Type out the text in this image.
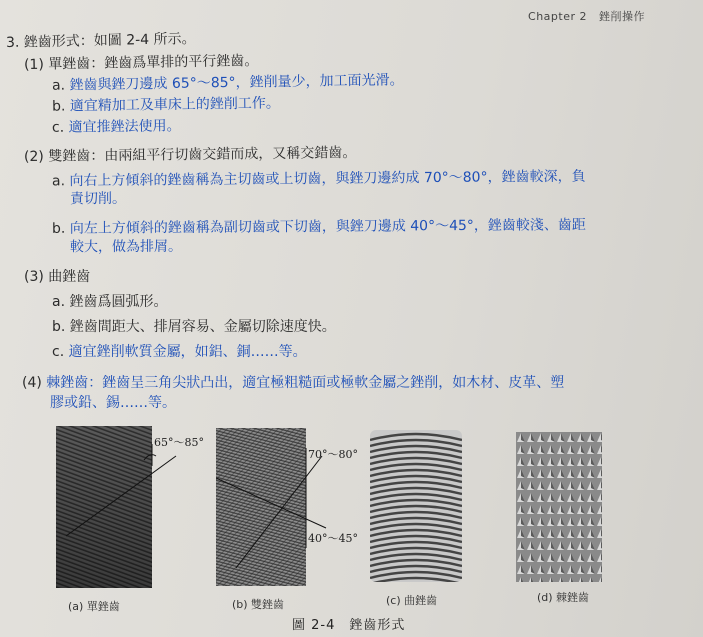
Chapter 2 銼削操作
3. 銼齒形式：如圖 2-4 所示。
(1) 單銼齒：銼齒爲單排的平行銼齒。
a. 銼齒與銼刀邊成 65°～85°，銼削量少，加工面光滑。
b. 適宜精加工及車床上的銼削工作。
c. 適宜推銼法使用。
(2) 雙銼齒：由兩組平行切齒交錯而成，又稱交錯齒。
a. 向右上方傾斜的銼齒稱為主切齒或上切齒，與銼刀邊約成 70°～80°，銼齒較深，負
責切削。
b. 向左上方傾斜的銼齒稱為副切齒或下切齒，與銼刀邊成 40°～45°，銼齒較淺、齒距
較大，做為排屑。
(3) 曲銼齒
a. 銼齒爲圓弧形。
b. 銼齒間距大、排屑容易、金屬切除速度快。
c. 適宜銼削軟質金屬，如鋁、銅……等。
(4) 棘銼齒：銼齒呈三角尖狀凸出，適宜極粗糙面或極軟金屬之銼削，如木材、皮革、塑
膠或鉛、錫……等。
65°～85°
(a) 單銼齒
70°～80°
40°～45°
(b) 雙銼齒	(c) 曲銼齒	(d) 棘銼齒
圖 2-4　銼齒形式
